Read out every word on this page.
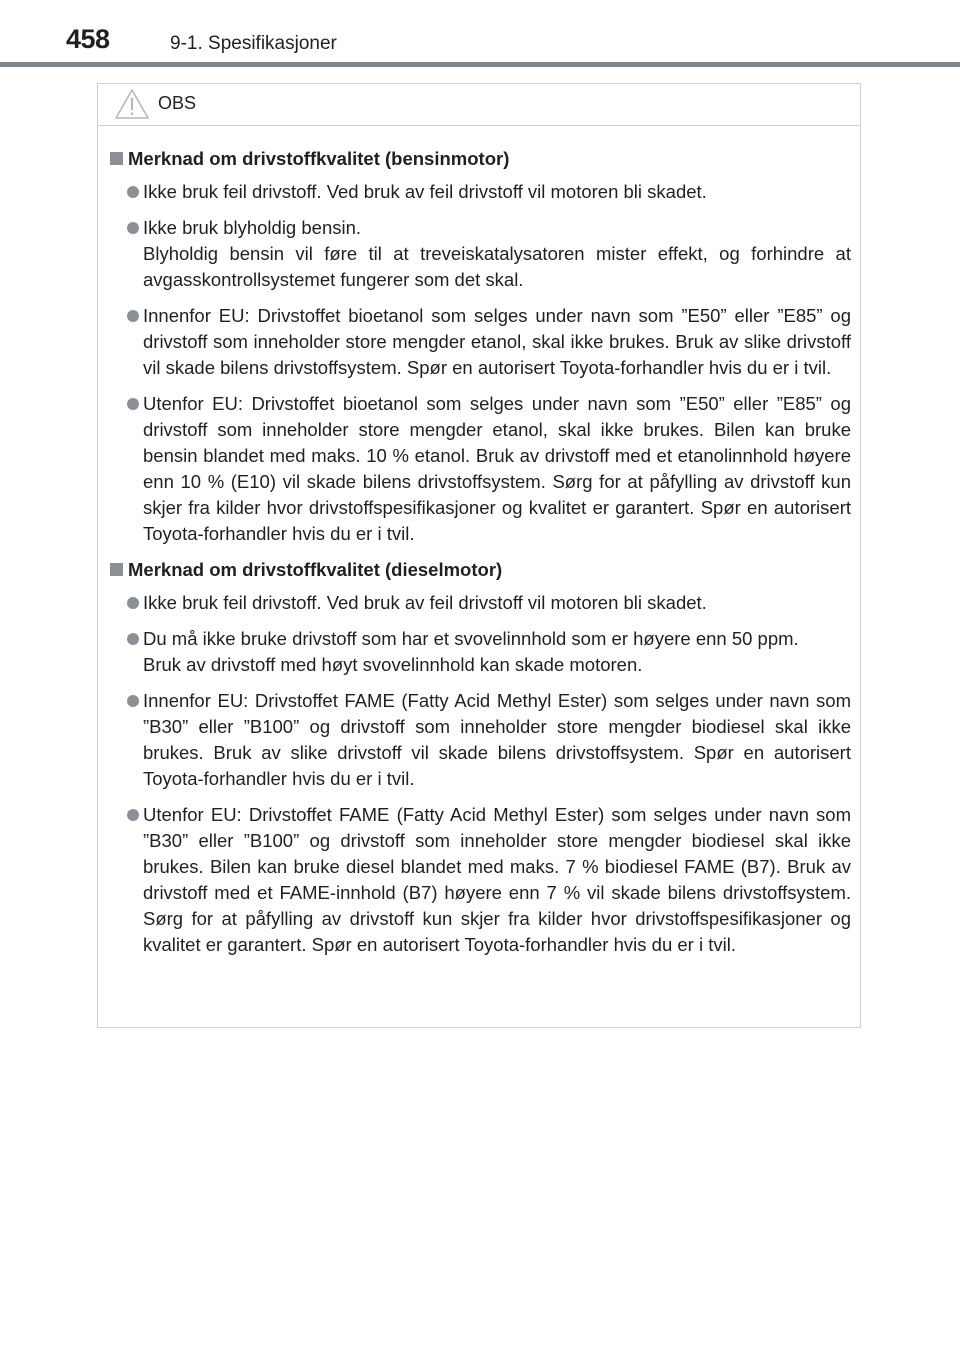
458	9-1. Spesifikasjoner
OBS
Merknad om drivstoffkvalitet (bensinmotor)
Ikke bruk feil drivstoff. Ved bruk av feil drivstoff vil motoren bli skadet.
Ikke bruk blyholdig bensin.
Blyholdig bensin vil føre til at treveiskatalysatoren mister effekt, og forhindre at avgasskontrollsystemet fungerer som det skal.
Innenfor EU: Drivstoffet bioetanol som selges under navn som ”E50” eller ”E85” og drivstoff som inneholder store mengder etanol, skal ikke brukes. Bruk av slike drivstoff vil skade bilens drivstoffsystem. Spør en autorisert Toyota-forhandler hvis du er i tvil.
Utenfor EU: Drivstoffet bioetanol som selges under navn som ”E50” eller ”E85” og drivstoff som inneholder store mengder etanol, skal ikke brukes. Bilen kan bruke bensin blandet med maks. 10 % etanol. Bruk av drivstoff med et etanolinnhold høyere enn 10 % (E10) vil skade bilens drivstoffsystem. Sørg for at påfylling av drivstoff kun skjer fra kilder hvor drivstoffspesifikasjoner og kvalitet er garantert. Spør en autorisert Toyota-forhandler hvis du er i tvil.
Merknad om drivstoffkvalitet (dieselmotor)
Ikke bruk feil drivstoff. Ved bruk av feil drivstoff vil motoren bli skadet.
Du må ikke bruke drivstoff som har et svovelinnhold som er høyere enn 50 ppm.
Bruk av drivstoff med høyt svovelinnhold kan skade motoren.
Innenfor EU: Drivstoffet FAME (Fatty Acid Methyl Ester) som selges under navn som ”B30” eller ”B100” og drivstoff som inneholder store mengder biodiesel skal ikke brukes. Bruk av slike drivstoff vil skade bilens drivstoffsystem. Spør en autorisert Toyota-forhandler hvis du er i tvil.
Utenfor EU: Drivstoffet FAME (Fatty Acid Methyl Ester) som selges under navn som ”B30” eller ”B100” og drivstoff som inneholder store mengder biodiesel skal ikke brukes. Bilen kan bruke diesel blandet med maks. 7 % biodiesel FAME (B7). Bruk av drivstoff med et FAME-innhold (B7) høyere enn 7 % vil skade bilens drivstoffsystem. Sørg for at påfylling av drivstoff kun skjer fra kilder hvor drivstoffspesifikasjoner og kvalitet er garantert. Spør en autorisert Toyota-forhandler hvis du er i tvil.
